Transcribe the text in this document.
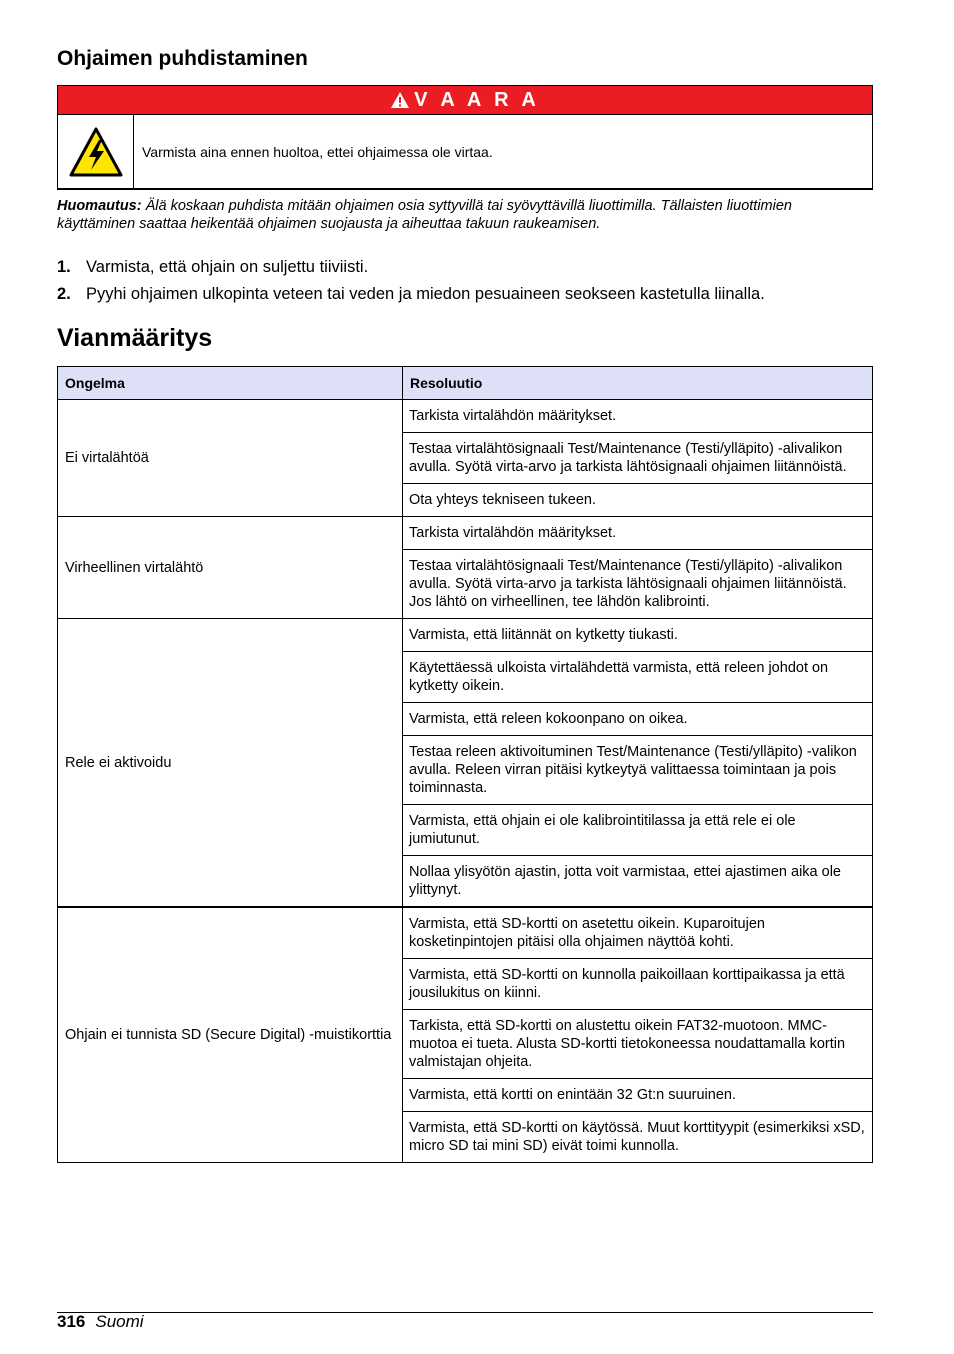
Ohjaimen puhdistaminen
V A A R A
Varmista aina ennen huoltoa, ettei ohjaimessa ole virtaa.

Huomautus: Älä koskaan puhdista mitään ohjaimen osia syttyvillä tai syövyttävillä liuottimilla. Tällaisten liuottimien käyttäminen saattaa heikentää ohjaimen suojausta ja aiheuttaa takuun raukeamisen.

1. Varmista, että ohjain on suljettu tiiviisti.
2. Pyyhi ohjaimen ulkopinta veteen tai veden ja miedon pesuaineen seokseen kastetulla liinalla.
Vianmääritys
Ongelma	Resoluutio
Ei virtalähtöä	Tarkista virtalähdön määritykset.
	Testaa virtalähtösignaali Test/Maintenance (Testi/ylläpito) -alivalikon avulla. Syötä virta-arvo ja tarkista lähtösignaali ohjaimen liitännöistä.
	Ota yhteys tekniseen tukeen.
Virheellinen virtalähtö	Tarkista virtalähdön määritykset.
	Testaa virtalähtösignaali Test/Maintenance (Testi/ylläpito) -alivalikon avulla. Syötä virta-arvo ja tarkista lähtösignaali ohjaimen liitännöistä. Jos lähtö on virheellinen, tee lähdön kalibrointi.
Rele ei aktivoidu	Varmista, että liitännät on kytketty tiukasti.
	Käytettäessä ulkoista virtalähdettä varmista, että releen johdot on kytketty oikein.
	Varmista, että releen kokoonpano on oikea.
	Testaa releen aktivoituminen Test/Maintenance (Testi/ylläpito) -valikon avulla. Releen virran pitäisi kytkeytyä valittaessa toimintaan ja pois toiminnasta.
	Varmista, että ohjain ei ole kalibrointitilassa ja että rele ei ole jumiutunut.
	Nollaa ylisyötön ajastin, jotta voit varmistaa, ettei ajastimen aika ole ylittynyt.
Ohjain ei tunnista SD (Secure Digital) -muistikorttia	Varmista, että SD-kortti on asetettu oikein. Kuparoitujen kosketinpintojen pitäisi olla ohjaimen näyttöä kohti.
	Varmista, että SD-kortti on kunnolla paikoillaan korttipaikassa ja että jousilukitus on kiinni.
	Tarkista, että SD-kortti on alustettu oikein FAT32-muotoon. MMC-muotoa ei tueta. Alusta SD-kortti tietokoneessa noudattamalla kortin valmistajan ohjeita.
	Varmista, että kortti on enintään 32 Gt:n suuruinen.
	Varmista, että SD-kortti on käytössä. Muut korttityypit (esimerkiksi xSD, micro SD tai mini SD) eivät toimi kunnolla.
316 Suomi
